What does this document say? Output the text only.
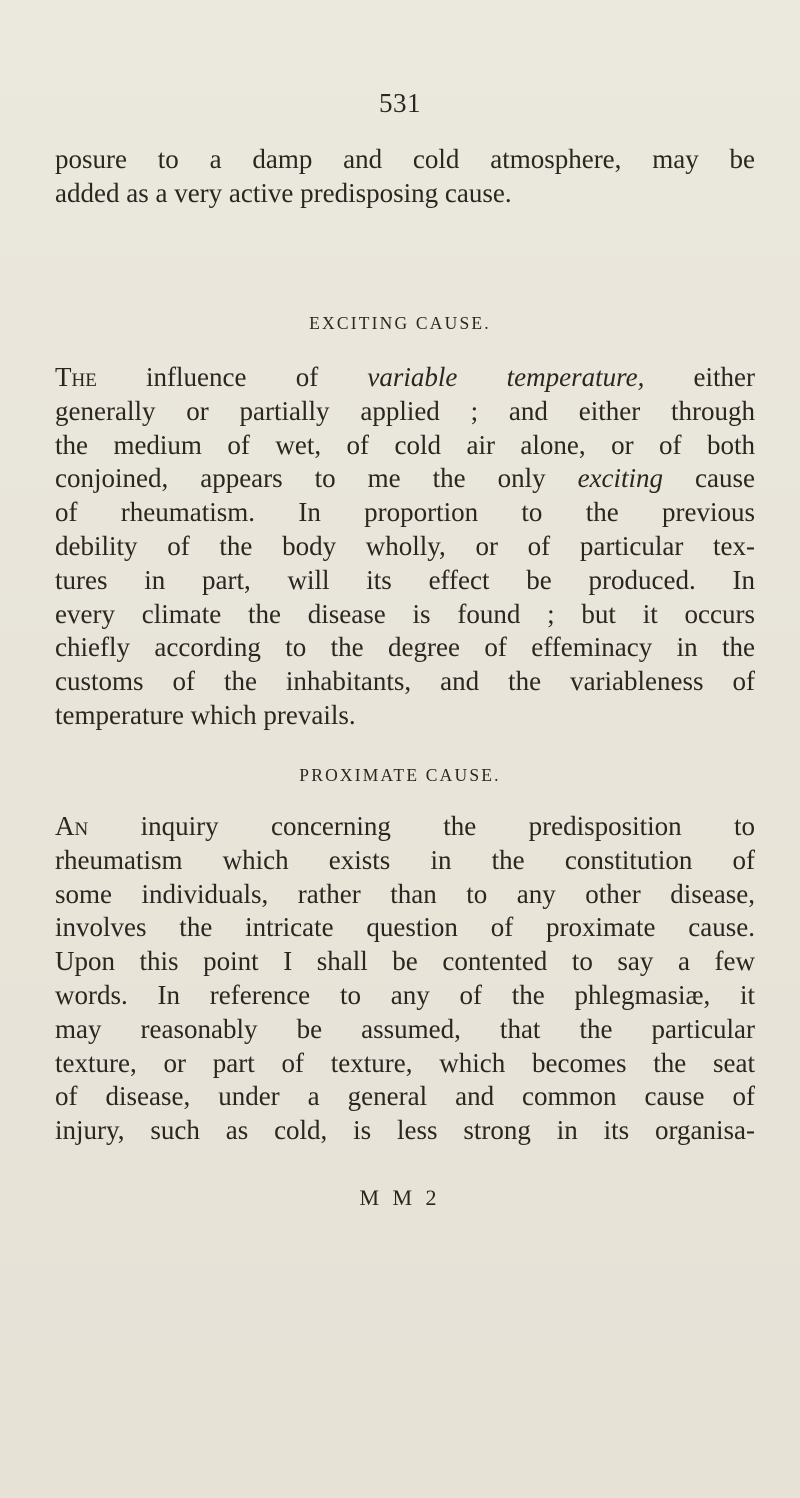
531
posure to a damp and cold atmosphere, may be
added as a very active predisposing cause.
EXCITING CAUSE.
The influence of variable temperature, either
generally or partially applied ; and either through
the medium of wet, of cold air alone, or of both
conjoined, appears to me the only exciting cause
of rheumatism. In proportion to the previous
debility of the body wholly, or of particular tex-
tures in part, will its effect be produced. In
every climate the disease is found ; but it occurs
chiefly according to the degree of effeminacy in the
customs of the inhabitants, and the variableness of
temperature which prevails.
PROXIMATE CAUSE.
An inquiry concerning the predisposition to
rheumatism which exists in the constitution of
some individuals, rather than to any other disease,
involves the intricate question of proximate cause.
Upon this point I shall be contented to say a few
words. In reference to any of the phlegmasiæ, it
may reasonably be assumed, that the particular
texture, or part of texture, which becomes the seat
of disease, under a general and common cause of
injury, such as cold, is less strong in its organisa-
M M 2
